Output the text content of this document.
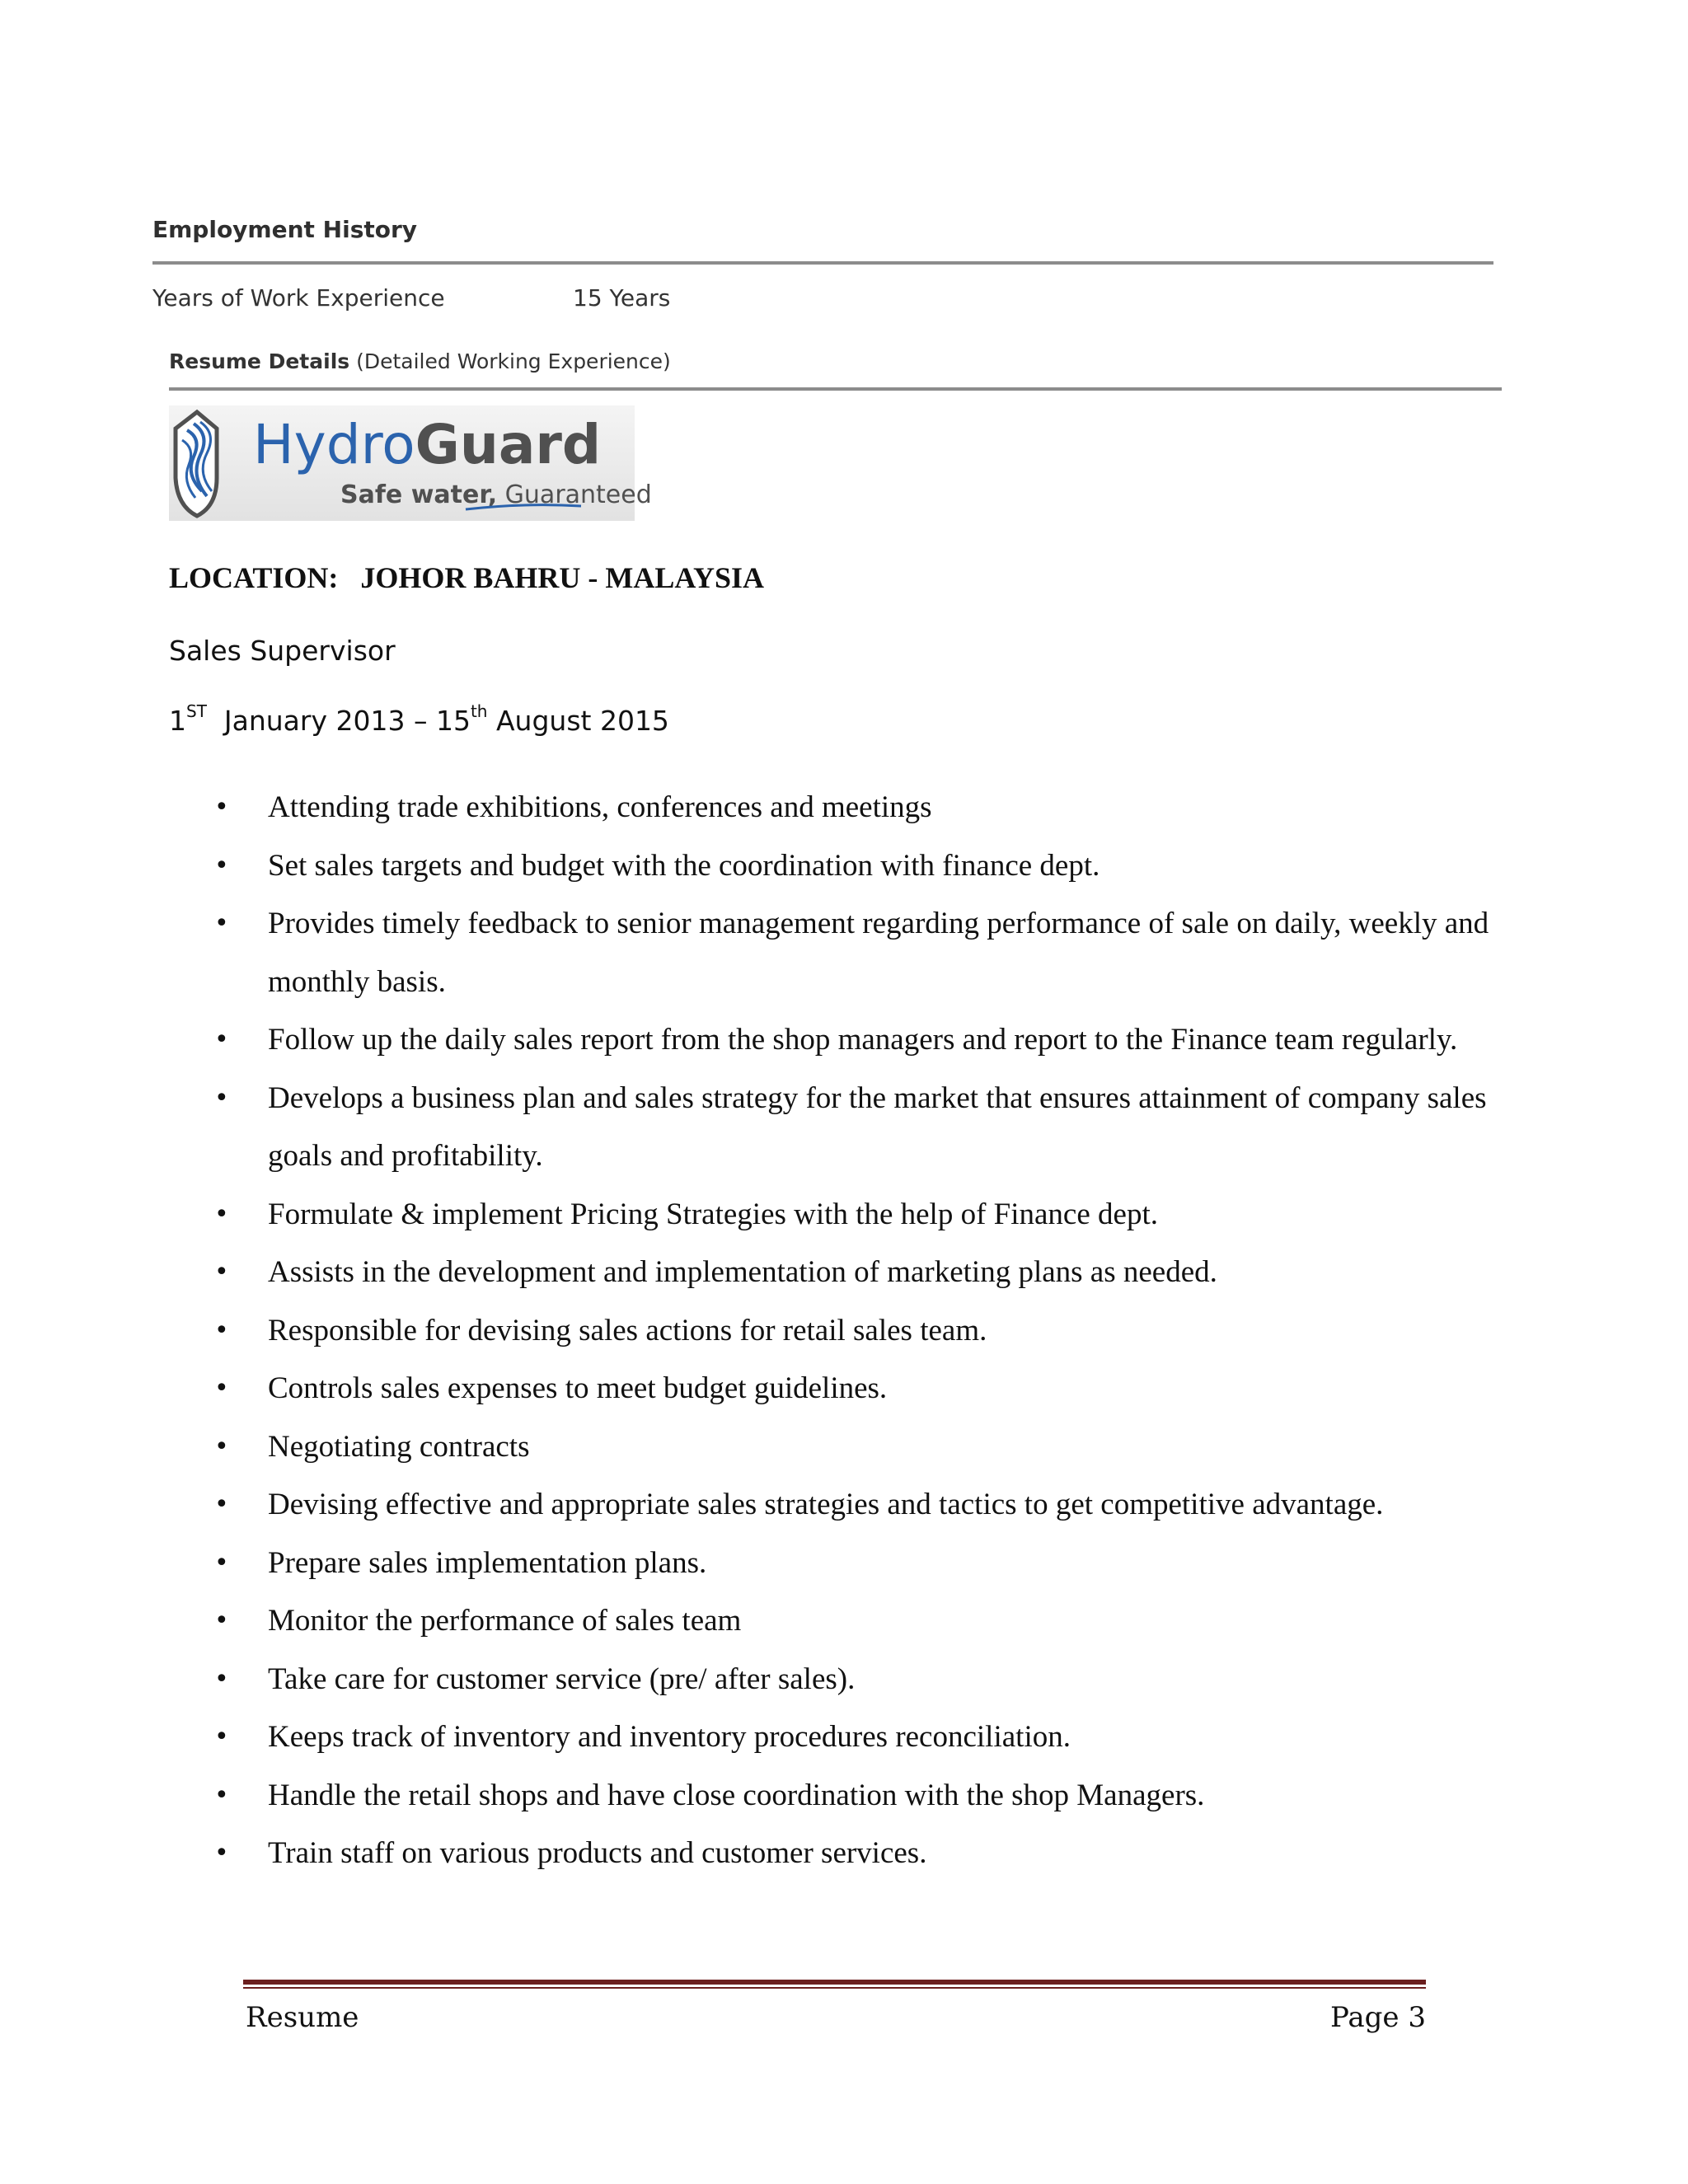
Employment History
Years of Work Experience	15 Years
Resume Details (Detailed Working Experience)
HydroGuard
Safe water, Guaranteed
LOCATION:   JOHOR BAHRU - MALAYSIA
Sales Supervisor
1ST  January 2013 – 15th August 2015
• Attending trade exhibitions, conferences and meetings
• Set sales targets and budget with the coordination with finance dept.
• Provides timely feedback to senior management regarding performance of sale on daily, weekly and monthly basis.
• Follow up the daily sales report from the shop managers and report to the Finance team regularly.
• Develops a business plan and sales strategy for the market that ensures attainment of company sales goals and profitability.
• Formulate & implement Pricing Strategies with the help of Finance dept.
• Assists in the development and implementation of marketing plans as needed.
• Responsible for devising sales actions for retail sales team.
• Controls sales expenses to meet budget guidelines.
• Negotiating contracts
• Devising effective and appropriate sales strategies and tactics to get competitive advantage.
• Prepare sales implementation plans.
• Monitor the performance of sales team
• Take care for customer service (pre/ after sales).
• Keeps track of inventory and inventory procedures reconciliation.
• Handle the retail shops and have close coordination with the shop Managers.
• Train staff on various products and customer services.
Resume	Page 3
